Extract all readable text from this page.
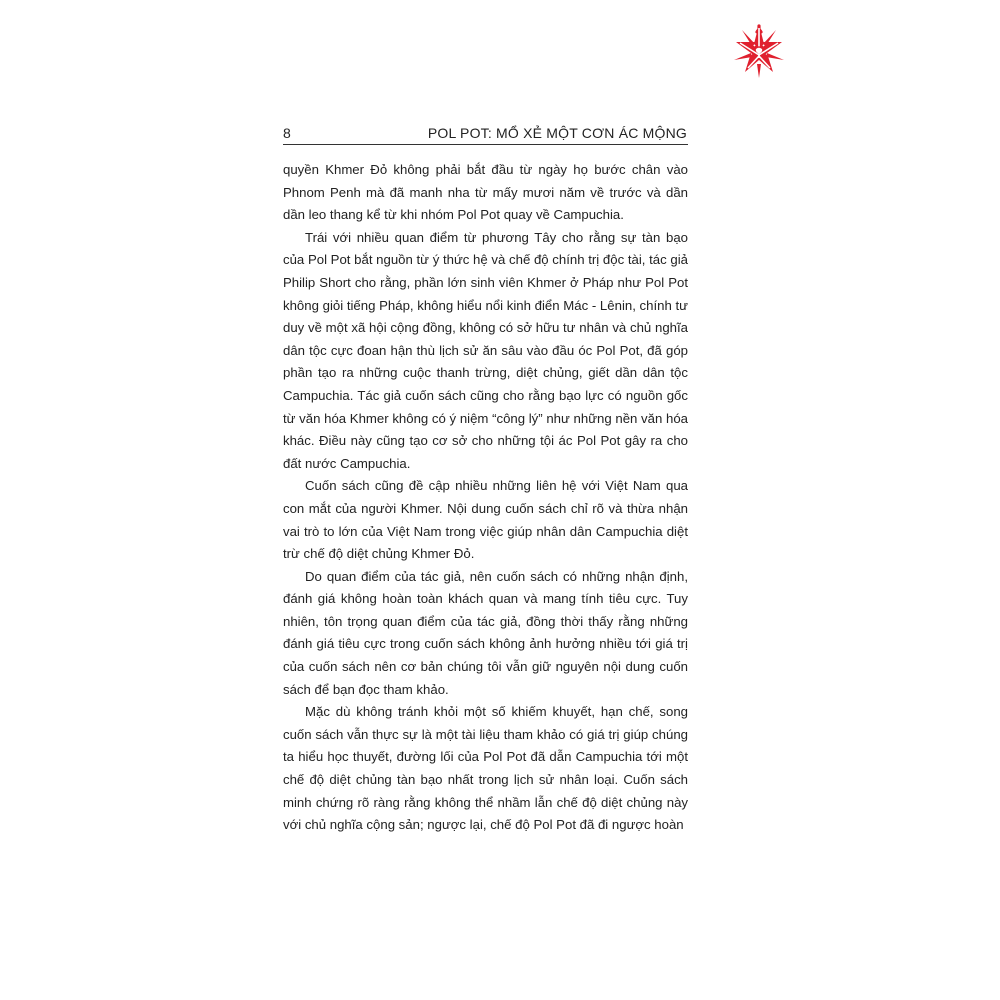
8	POL POT: MỔ XẺ MỘT CƠN ÁC MỘNG

quyền Khmer Đỏ không phải bắt đầu từ ngày họ bước chân vào Phnom Penh mà đã manh nha từ mấy mươi năm về trước và dần dần leo thang kể từ khi nhóm Pol Pot quay về Campuchia.

Trái với nhiều quan điểm từ phương Tây cho rằng sự tàn bạo của Pol Pot bắt nguồn từ ý thức hệ và chế độ chính trị độc tài, tác giả Philip Short cho rằng, phần lớn sinh viên Khmer ở Pháp như Pol Pot không giỏi tiếng Pháp, không hiểu nổi kinh điển Mác - Lênin, chính tư duy về một xã hội cộng đồng, không có sở hữu tư nhân và chủ nghĩa dân tộc cực đoan hận thù lịch sử ăn sâu vào đầu óc Pol Pot, đã góp phần tạo ra những cuộc thanh trừng, diệt chủng, giết dần dân tộc Campuchia. Tác giả cuốn sách cũng cho rằng bạo lực có nguồn gốc từ văn hóa Khmer không có ý niệm “công lý” như những nền văn hóa khác. Điều này cũng tạo cơ sở cho những tội ác Pol Pot gây ra cho đất nước Campuchia.

Cuốn sách cũng đề cập nhiều những liên hệ với Việt Nam qua con mắt của người Khmer. Nội dung cuốn sách chỉ rõ và thừa nhận vai trò to lớn của Việt Nam trong việc giúp nhân dân Campuchia diệt trừ chế độ diệt chủng Khmer Đỏ.

Do quan điểm của tác giả, nên cuốn sách có những nhận định, đánh giá không hoàn toàn khách quan và mang tính tiêu cực. Tuy nhiên, tôn trọng quan điểm của tác giả, đồng thời thấy rằng những đánh giá tiêu cực trong cuốn sách không ảnh hưởng nhiều tới giá trị của cuốn sách nên cơ bản chúng tôi vẫn giữ nguyên nội dung cuốn sách để bạn đọc tham khảo.

Mặc dù không tránh khỏi một số khiếm khuyết, hạn chế, song cuốn sách vẫn thực sự là một tài liệu tham khảo có giá trị giúp chúng ta hiểu học thuyết, đường lối của Pol Pot đã dẫn Campuchia tới một chế độ diệt chủng tàn bạo nhất trong lịch sử nhân loại. Cuốn sách minh chứng rõ ràng rằng không thể nhầm lẫn chế độ diệt chủng này với chủ nghĩa cộng sản; ngược lại, chế độ Pol Pot đã đi ngược hoàn
